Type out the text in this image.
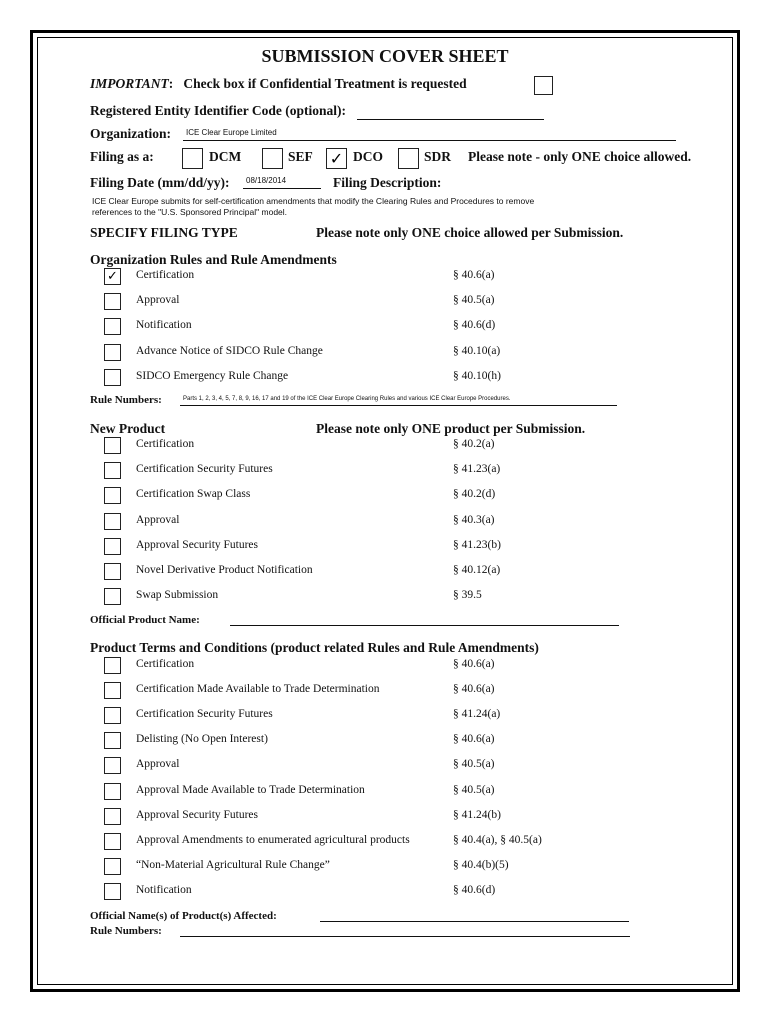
SUBMISSION COVER SHEET
IMPORTANT: Check box if Confidential Treatment is requested
Registered Entity Identifier Code (optional):
Organization: ICE Clear Europe Limited
Filing as a:	DCM	SEF ✓ DCO	SDR Please note - only ONE choice allowed.
Filing Date (mm/dd/yy): 08/18/2014	Filing Description:
ICE Clear Europe submits for self-certification amendments that modify the Clearing Rules and Procedures to remove
references to the "U.S. Sponsored Principal" model.
SPECIFY FILING TYPE	Please note only ONE choice allowed per Submission.
Organization Rules and Rule Amendments
✓ Certification	§ 40.6(a)
Approval	§ 40.5(a)
Notification	§ 40.6(d)
Advance Notice of SIDCO Rule Change	§ 40.10(a)
SIDCO Emergency Rule Change	§ 40.10(h)
Rule Numbers:	Parts 1, 2, 3, 4, 5, 7, 8, 9, 16, 17 and 19 of the ICE Clear Europe Clearing Rules and various ICE Clear Europe Procedures.
New Product	Please note only ONE product per Submission.
Certification	§ 40.2(a)
Certification Security Futures	§ 41.23(a)
Certification Swap Class	§ 40.2(d)
Approval	§ 40.3(a)
Approval Security Futures	§ 41.23(b)
Novel Derivative Product Notification	§ 40.12(a)
Swap Submission	§ 39.5
Official Product Name:
Product Terms and Conditions (product related Rules and Rule Amendments)
Certification	§ 40.6(a)
Certification Made Available to Trade Determination	§ 40.6(a)
Certification Security Futures	§ 41.24(a)
Delisting (No Open Interest)	§ 40.6(a)
Approval	§ 40.5(a)
Approval Made Available to Trade Determination	§ 40.5(a)
Approval Security Futures	§ 41.24(b)
Approval Amendments to enumerated agricultural products	§ 40.4(a), § 40.5(a)
“Non-Material Agricultural Rule Change”	§ 40.4(b)(5)
Notification	§ 40.6(d)
Official Name(s) of Product(s) Affected:
Rule Numbers:
